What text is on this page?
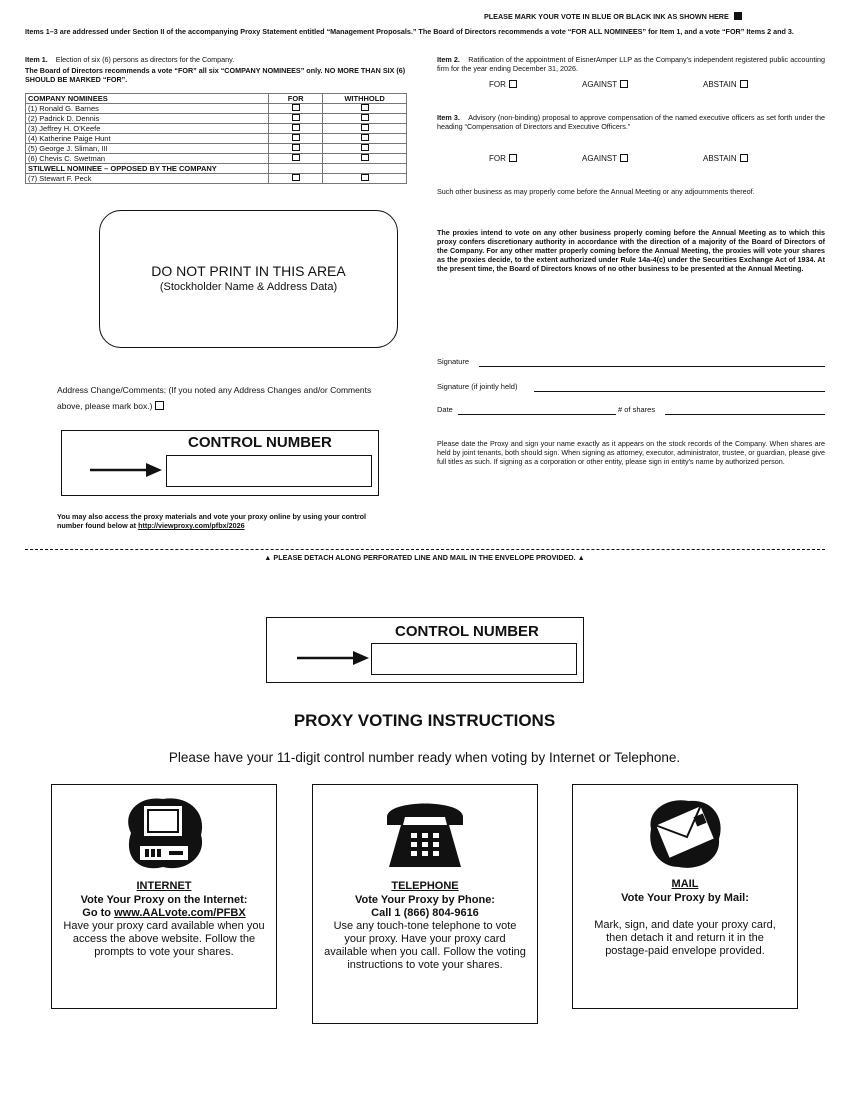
PLEASE MARK YOUR VOTE IN BLUE OR BLACK INK AS SHOWN HERE
Items 1–3 are addressed under Section II of the accompanying Proxy Statement entitled “Management Proposals.” The Board of Directors recommends a vote “FOR ALL NOMINEES” for Item 1, and a vote “FOR” Items 2 and 3.
Item 1. Election of six (6) persons as directors for the Company.
The Board of Directors recommends a vote “FOR” all six “COMPANY NOMINEES” only. NO MORE THAN SIX (6) SHOULD BE MARKED “FOR”.
COMPANY NOMINEES	FOR	WITHHOLD
(1) Ronald G. Barnes		
(2) Padrick D. Dennis		
(3) Jeffrey H. O’Keefe		
(4) Katherine Paige Hunt		
(5) George J. Sliman, III		
(6) Chevis C. Swetman		
STILWELL NOMINEE – OPPOSED BY THE COMPANY		
(7) Stewart F. Peck		
DO NOT PRINT IN THIS AREA
(Stockholder Name & Address Data)
Address Change/Comments: (If you noted any Address Changes and/or Comments above, please mark box.)
CONTROL NUMBER
You may also access the proxy materials and vote your proxy online by using your control number found below at http://viewproxy.com/pfbx/2026
Item 2. Ratification of the appointment of EisnerAmper LLP as the Company’s independent registered public accounting firm for the year ending December 31, 2026.
FOR	AGAINST	ABSTAIN
Item 3. Advisory (non-binding) proposal to approve compensation of the named executive officers as set forth under the heading “Compensation of Directors and Executive Officers.”
FOR	AGAINST	ABSTAIN
Such other business as may properly come before the Annual Meeting or any adjournments thereof.
The proxies intend to vote on any other business properly coming before the Annual Meeting as to which this proxy confers discretionary authority in accordance with the direction of a majority of the Board of Directors of the Company. For any other matter properly coming before the Annual Meeting, the proxies will vote your shares as the proxies decide, to the extent authorized under Rule 14a-4(c) under the Securities Exchange Act of 1934. At the present time, the Board of Directors knows of no other business to be presented at the Annual Meeting.
Signature
Signature (if jointly held)
Date	# of shares
Please date the Proxy and sign your name exactly as it appears on the stock records of the Company. When shares are held by joint tenants, both should sign. When signing as attorney, executor, administrator, trustee, or guardian, please give full titles as such. If signing as a corporation or other entity, please sign in entity’s name by authorized person.
▲ PLEASE DETACH ALONG PERFORATED LINE AND MAIL IN THE ENVELOPE PROVIDED. ▲
CONTROL NUMBER
PROXY VOTING INSTRUCTIONS
Please have your 11-digit control number ready when voting by Internet or Telephone.
INTERNET
Vote Your Proxy on the Internet:
Go to www.AALvote.com/PFBX
Have your proxy card available when you access the above website. Follow the prompts to vote your shares.
TELEPHONE
Vote Your Proxy by Phone:
Call 1 (866) 804-9616
Use any touch-tone telephone to vote your proxy. Have your proxy card available when you call. Follow the voting instructions to vote your shares.
MAIL
Vote Your Proxy by Mail:
Mark, sign, and date your proxy card, then detach it and return it in the postage-paid envelope provided.
